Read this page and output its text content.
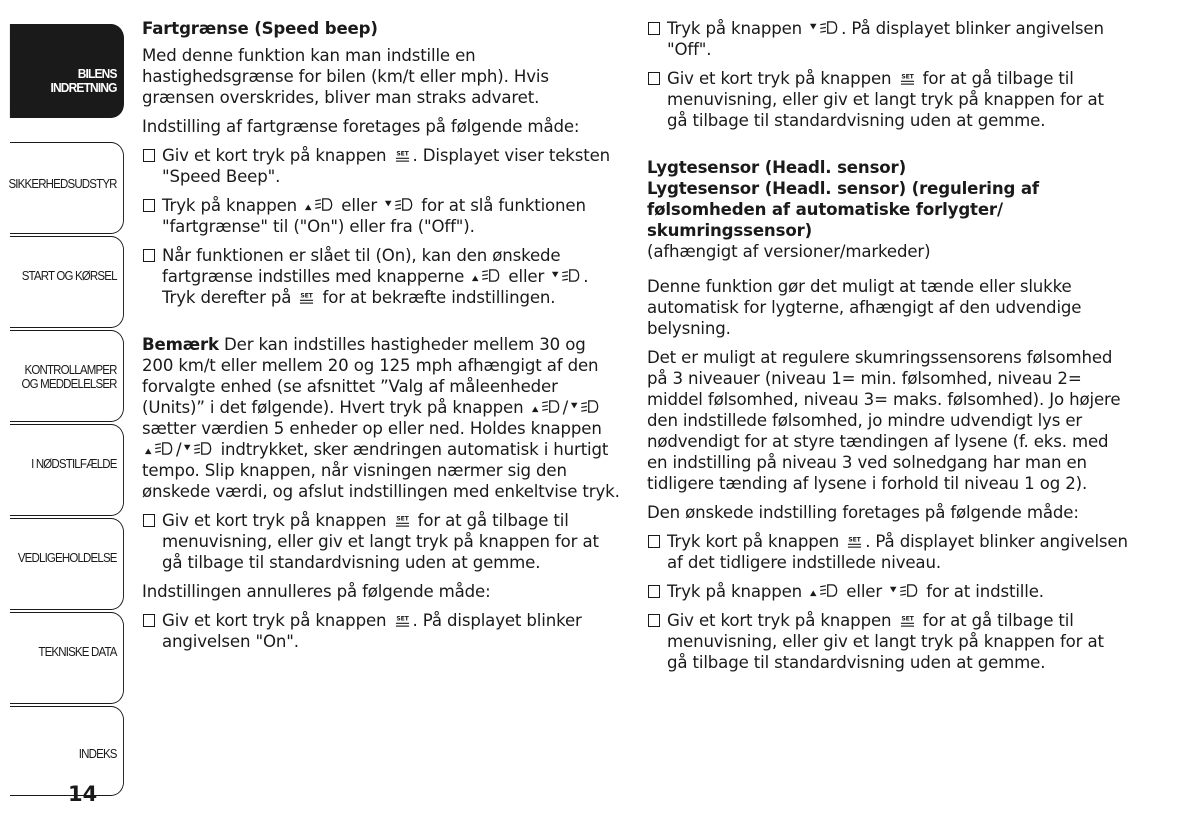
BILENS
INDRETNING
SIKKERHEDSUDSTYR
START OG KØRSEL
KONTROLLAMPER
OG MEDDELELSER
I NØDSTILFÆLDE
VEDLIGEHOLDELSE
TEKNISKE DATA
INDEKS
14
Fartgrænse (Speed beep)

Med denne funktion kan man indstille en hastighedsgrænse for bilen (km/t eller mph). Hvis grænsen overskrides, bliver man straks advaret.

Indstilling af fartgrænse foretages på følgende måde:

Giv et kort tryk på knappen . Displayet viser teksten "Speed Beep".
Tryk på knappen	eller	for at slå funktionen "fartgrænse" til ("On") eller fra ("Off").
Når funktionen er slået til (On), kan den ønskede fartgrænse indstilles med knapperne	eller . Tryk derefter på for at bekræfte indstillingen.

Bemærk Der kan indstilles hastigheder mellem 30 og 200 km/t eller mellem 20 og 125 mph afhængigt af den forvalgte enhed (se afsnittet ”Valg af måleenheder (Units)” i det følgende). Hvert tryk på knappen / sætter værdien 5 enheder op eller ned. Holdes knappen / indtrykket, sker ændringen automatisk i hurtigt tempo. Slip knappen, når visningen nærmer sig den ønskede værdi, og afslut indstillingen med enkeltvise tryk.

Giv et kort tryk på knappen for at gå tilbage til menuvisning, eller giv et langt tryk på knappen for at gå tilbage til standardvisning uden at gemme.

Indstillingen annulleres på følgende måde:

Giv et kort tryk på knappen . På displayet blinker angivelsen "On".
Tryk på knappen . På displayet blinker angivelsen "Off".
Giv et kort tryk på knappen for at gå tilbage til menuvisning, eller giv et langt tryk på knappen for at gå tilbage til standardvisning uden at gemme.
Lygtesensor (Headl. sensor)
Lygtesensor (Headl. sensor) (regulering af følsomheden af automatiske forlygter/ skumringssensor)

(afhængigt af versioner/markeder)

Denne funktion gør det muligt at tænde eller slukke automatisk for lygterne, afhængigt af den udvendige belysning.

Det er muligt at regulere skumringssensorens følsomhed på 3 niveauer (niveau 1= min. følsomhed, niveau 2= middel følsomhed, niveau 3= maks. følsomhed). Jo højere den indstillede følsomhed, jo mindre udvendigt lys er nødvendigt for at styre tændingen af lysene (f. eks. med en indstilling på niveau 3 ved solnedgang har man en tidligere tænding af lysene i forhold til niveau 1 og 2).

Den ønskede indstilling foretages på følgende måde:

Tryk kort på knappen . På displayet blinker angivelsen af det tidligere indstillede niveau.
Tryk på knappen	eller	for at indstille.
Giv et kort tryk på knappen for at gå tilbage til menuvisning, eller giv et langt tryk på knappen for at gå tilbage til standardvisning uden at gemme.
